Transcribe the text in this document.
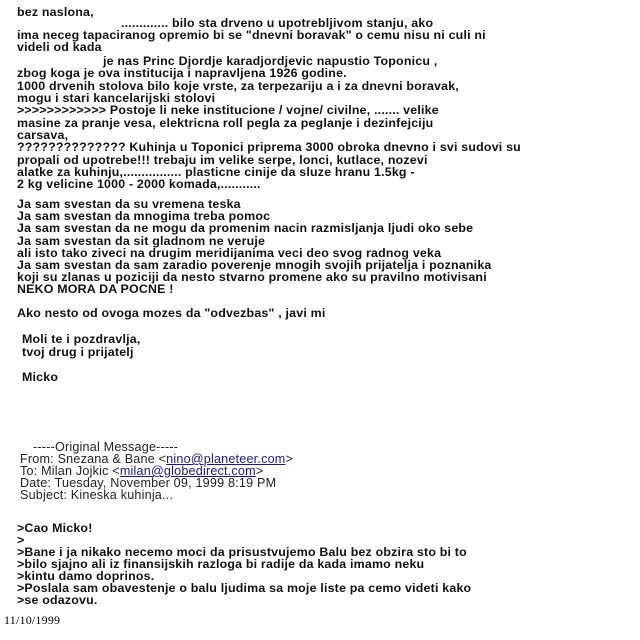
bez naslona,
............. bilo sta drveno u upotrebljivom stanju, ako
ima neceg tapaciranog opremio bi se "dnevni boravak" o cemu nisu ni culi ni
videli od kada
je nas Princ Djordje karadjordjevic napustio Toponicu ,
zbog koga je ova institucija i napravljena 1926 godine.
1000 drvenih stolova bilo koje vrste, za terpezariju a i za dnevni boravak,
mogu i stari kancelarijski stolovi
>>>>>>>>>>>> Postoje li neke institucione / vojne/ civilne, ....... velike
masine za pranje vesa, elektricna roll pegla za peglanje i dezinfejciju
carsava,
?????????????? Kuhinja u Toponici priprema 3000 obroka dnevno i svi sudovi su
propali od upotrebe!!! trebaju im velike serpe, lonci, kutlace, nozevi
alatke za kuhinju,................ plasticne cinije da sluze hranu 1.5kg -
2 kg velicine 1000 - 2000 komada,...........
Ja sam svestan da su vremena teska
Ja sam svestan da mnogima treba pomoc
Ja sam svestan da ne mogu da promenim nacin razmisljanja ljudi oko sebe
Ja sam svestan da sit gladnom ne veruje
ali isto tako ziveci na drugim meridijanima veci deo svog radnog veka
Ja sam svestan da sam zaradio poverenje mnogih svojih prijatelja i poznanika
koji su zlanas u poziciji da nesto stvarno promene ako su pravilno motivisani
NEKO MORA DA POCNE !
Ako nesto od ovoga mozes da "odvezbas" , javi mi
Moli te i pozdravlja,
tvoj drug i prijatelj
Micko
-----Original Message-----
From: Snezana & Bane <nino@planeteer.com>
To: Milan Jojkic <milan@globedirect.com>
Date: Tuesday, November 09, 1999 8:19 PM
Subject: Kineska kuhinja...
>Cao Micko!
>
>Bane i ja nikako necemo moci da prisustvujemo Balu bez obzira sto bi to
>bilo sjajno ali iz finansijskih razloga bi radije da kada imamo neku
>kintu damo doprinos.
>Poslala sam obavestenje o balu ljudima sa moje liste pa cemo videti kako
>se odazovu.
11/10/1999
